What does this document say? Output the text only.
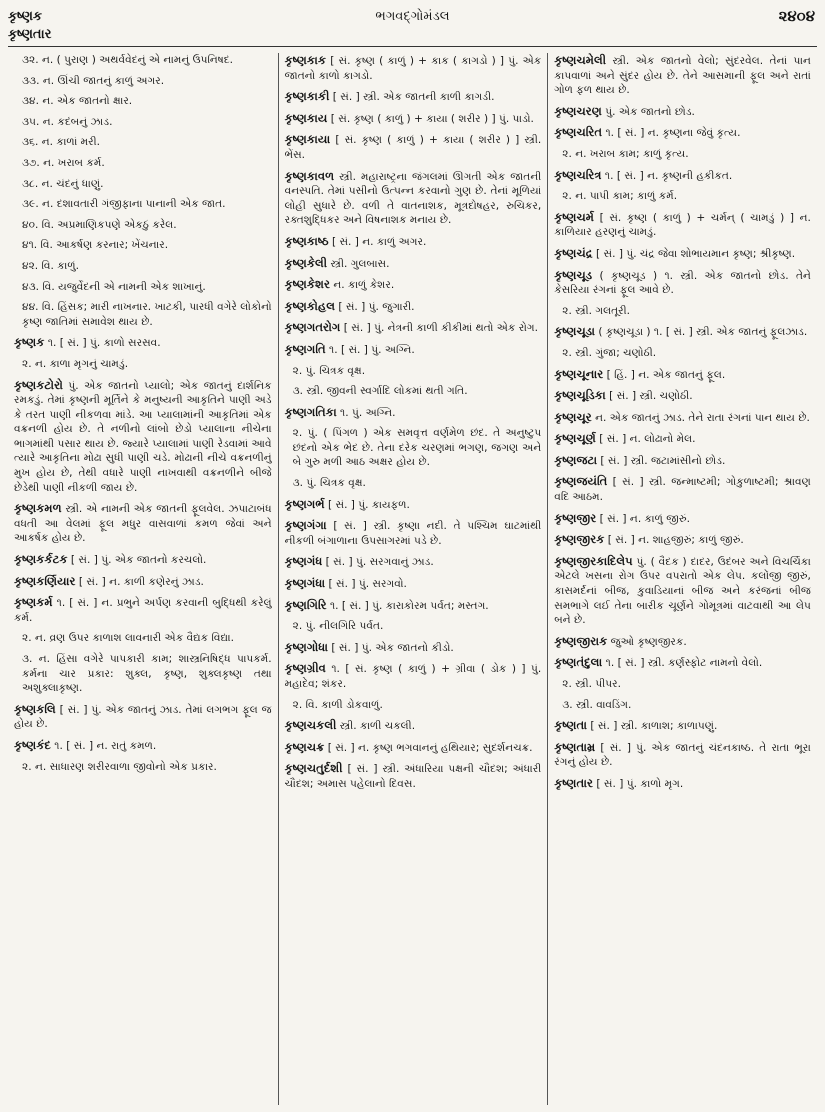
કૃષ્ણક
કૃષ્ણતાર
ભગવદ્ગોમંડલ	૨૪૦૪
૩૨. ન. ( પુરાણ ) અથર્વવેદનું એ નામનું ઉપનિષદ.
૩૩. ન. ઊંચી જાતનું કાળું અગર.
૩૪. ન. એક જાતનો ક્ષાર.
૩૫. ન. કદંબનું ઝાડ.
૩૬. ન. કાળાં મરી.
૩૭. ન. ખરાબ કર્મ.
૩૮. ન. ચંદનું ધાણું.
૩૯. ન. દશાવતારી ગંજીફાના પાનાની એક જાત.
૪૦. વિ. અપ્રમાણિકપણે એકઠું કરેલ.
૪૧. વિ. આકર્ષણ કરનાર; ખેંચનાર.
૪૨. વિ. કાળું.
૪૩. વિ. યજુર્વેદની એ નામની એક શાખાનું.
૪૪. વિ. હિંસક; મારી નાખનાર. ખાટકી, પારધી વગેરે લોકોનો કૃષ્ણ જાતિમાં સમાવેશ થાય છે.
કૃષ્ણક ૧. [ સં. ] પું. કાળો સરસવ.
૨. ન. કાળા મૃગનું ચામડું.
કૃષ્ણકટોરો પું. એક જાતનો પ્યાલો; એક જાતનું દાર્શનિક રમકડું. તેમાં કૃષ્ણની મૂર્તિને કે મનુષ્યની આકૃતિને પાણી અડે કે તરત પાણી નીકળવા માંડે. આ પ્યાલામાંની આકૃતિમાં એક વક્રનળી હોય છે. તે નળીનો લાંબો છેડો પ્યાલાના નીચેના ભાગમાંથી પસાર થાય છે. જ્યારે પ્યાલામાં પાણી રેડવામાં આવે ત્યારે આકૃતિના મોઢા સુધી પાણી ચડે. મોઢાની નીચે વક્રનળીનું મુખ હોય છે, તેથી વધારે પાણી નાખવાથી વક્રનળીને બીજે છેડેથી પાણી નીકળી જાય છે.
કૃષ્ણકમળ સ્ત્રી. એ નામની એક જાતની ફૂલવેલ. ઝપાટાબંધ વધતી આ વેલમાં ફૂલ મધુર વાસવાળાં કમળ જેવાં અને આકર્ષક હોય છે.
કૃષ્ણકર્કટક [ સં. ] પું. એક જાતનો કરચલો.
કૃષ્ણકર્ણિયાર [ સં. ] ન. કાળી કણેરનું ઝાડ.
કૃષ્ણકર્મ ૧. [ સં. ] ન. પ્રભુને અર્પણ કરવાની બુદ્ધિથી કરેલું કર્મ.
૨. ન. વ્રણ ઉપર કાળાશ લાવનારી એક વૈદ્યક વિદ્યા.
૩. ન. હિંસા વગેરે પાપકારી કામ; શાસ્ત્રનિષિદ્ધ પાપકર્મ. કર્મના ચાર પ્રકાર: શુક્લ, કૃષ્ણ, શુક્લકૃષ્ણ તથા અશુક્લાકૃષ્ણ.
કૃષ્ણકલિ [ સં. ] પું. એક જાતનું ઝાડ. તેમાં લગભગ ફૂલ જ હોય છે.
કૃષ્ણકંદ ૧. [ સં. ] ન. રાતું કમળ.
૨. ન. સાધારણ શરીરવાળા જીવોનો એક પ્રકાર.
કૃષ્ણકાક [ સં. કૃષ્ણ ( કાળું ) + કાક ( કાગડો ) ] પું. એક જાતનો કાળો કાગડો.
કૃષ્ણકાકી [ સં. ] સ્ત્રી. એક જાતની કાળી કાગડી.
કૃષ્ણકાય [ સં. કૃષ્ણ ( કાળું ) + કાયા ( શરીર ) ] પું. પાડો.
કૃષ્ણકાયા [ સં. કૃષ્ણ ( કાળું ) + કાયા ( શરીર ) ] સ્ત્રી. ભેંસ.
કૃષ્ણકાવળ સ્ત્રી. મહારાષ્ટ્રના જંગલમાં ઊગતી એક જાતની વનસ્પતિ. તેમાં પસીનો ઉત્પન્ન કરવાનો ગુણ છે. તેનાં મૂળિયાં લોહી સુધારે છે. વળી તે વાતનાશક, મૂત્રદોષહર, રુચિકર, રક્તશુદ્ધિકર અને વિષનાશક મનાય છે.
કૃષ્ણકાષ્ઠ [ સં. ] ન. કાળું અગર.
કૃષ્ણકેલી સ્ત્રી. ગુલબાસ.
કૃષ્ણકેશર ન. કાળું કેશર.
કૃષ્ણકોહલ [ સં. ] પું. જુગારી.
કૃષ્ણગતરોગ [ સં. ] પું. નેત્રની કાળી કીકીમાં થતો એક રોગ.
કૃષ્ણગતિ ૧. [ સં. ] પું. અગ્નિ.
૨. પું. ચિત્રક વૃક્ષ.
૩. સ્ત્રી. જીવની સ્વર્ગાદિ લોકમાં થતી ગતિ.
કૃષ્ણગતિકા ૧. પું. અગ્નિ.
૨. પું. ( પિંગળ ) એક સમવૃત્ત વર્ણમેળ છંદ. તે અનુષ્ટુપ છંદનો એક ભેદ છે. તેના દરેક ચરણમાં ભગણ, જગણ અને બે ગુરુ મળી આઠ અક્ષર હોય છે.
૩. પું. ચિત્રક વૃક્ષ.
કૃષ્ણગર્ભ [ સં. ] પું. કાયફળ.
કૃષ્ણગંગા [ સં. ] સ્ત્રી. કૃષ્ણા નદી. તે પશ્ચિમ ઘાટમાંથી નીકળી બંગાળાના ઉપસાગરમાં પડે છે.
કૃષ્ણગંધ [ સં. ] પું. સરગવાનું ઝાડ.
કૃષ્ણગંધા [ સં. ] પું. સરગવો.
કૃષ્ણગિરિ ૧. [ સં. ] પું. કારાકોરમ પર્વત; મસ્તગ.
૨. પું. નીલગિરિ પર્વત.
કૃષ્ણગોધા [ સં. ] પું. એક જાતનો કીડો.
કૃષ્ણગ્રીવ ૧. [ સં. કૃષ્ણ ( કાળું ) + ગ્રીવા ( ડોક ) ] પું. મહાદેવ; શંકર.
૨. વિ. કાળી ડોકવાળું.
કૃષ્ણચકલી સ્ત્રી. કાળી ચકલી.
કૃષ્ણચક્ર [ સં. ] ન. કૃષ્ણ ભગવાનનું હથિયાર; સુદર્શનચક્ર.
કૃષ્ણચતુર્દશી [ સં. ] સ્ત્રી. અંધારિયા પક્ષની ચૌદશ; અંધારી ચૌદશ; અમાસ પહેલાનો દિવસ.
કૃષ્ણચમેલી સ્ત્રી. એક જાતનો વેલો; સુંદરવેલ. તેનાં પાન કાપવાળાં અને સુંદર હોય છે. તેને આસમાની ફૂલ અને રાતાં ગોળ ફળ થાય છે.
કૃષ્ણચરણ પું. એક જાતનો છોડ.
કૃષ્ણચરિત ૧. [ સં. ] ન. કૃષ્ણના જેવું કૃત્ય.
૨. ન. ખરાબ કામ; કાળું કૃત્ય.
કૃષ્ણચરિત્ર ૧. [ સં. ] ન. કૃષ્ણની હકીકત.
૨. ન. પાપી કામ; કાળું કર્મ.
કૃષ્ણચર્મ [ સં. કૃષ્ણ ( કાળું ) + ચર્મન્ ( ચામડું ) ] ન. કાળિયાર હરણનું ચામડું.
કૃષ્ણચંદ્ર [ સં. ] પું. ચંદ્ર જેવા શોભાયમાન કૃષ્ણ; શ્રીકૃષ્ણ.
કૃષ્ણચૂડ ( કૃષ્ણચૂડ ) ૧. સ્ત્રી. એક જાતનો છોડ. તેને કેસરિયા રંગનાં ફૂલ આવે છે.
૨. સ્ત્રી. ગલતૂરી.
કૃષ્ણચૂડા ( કૃષ્ણચૂડા ) ૧. [ સં. ] સ્ત્રી. એક જાતનું ફૂલઝાડ.
૨. સ્ત્રી. ગુંજા; ચણોઠી.
કૃષ્ણચૂનાર [ હિં. ] ન. એક જાતનું ફૂલ.
કૃષ્ણચૂડિકા [ સં. ] સ્ત્રી. ચણોઠી.
કૃષ્ણચૂર ન. એક જાતનું ઝાડ. તેને રાતા રંગનાં પાન થાય છે.
કૃષ્ણચૂર્ણ [ સં. ] ન. લોઢાનો મેલ.
કૃષ્ણજટા [ સં. ] સ્ત્રી. જટામાંસીનો છોડ.
કૃષ્ણજયંતિ [ સં. ] સ્ત્રી. જન્માષ્ટમી; ગોકુળાષ્ટમી; શ્રાવણ વદિ આઠમ.
કૃષ્ણજીર [ સં. ] ન. કાળું જીરું.
કૃષ્ણજીરક [ સં. ] ન. શાહજીરું; કાળું જીરું.
કૃષ્ણજીરકાદિલેપ પું. ( વૈદક ) દાદર, ઉદંબર અને વિચર્ચિકા એટલે ખસના રોગ ઉપર વપરાતો એક લેપ. કલોંજી જીરું, કાસમર્દનાં બીજ, કુવાડિયાનાં બીજ અને કરંજનાં બીજ સમભાગે લઈ તેના બારીક ચૂર્ણને ગોમૂત્રમાં વાટવાથી આ લેપ બને છે.
કૃષ્ણજીરાક જુઓ કૃષ્ણજીરક.
કૃષ્ણતંદુલા ૧. [ સં. ] સ્ત્રી. કર્ણસ્ફોટ નામનો વેલો.
૨. સ્ત્રી. પીપર.
૩. સ્ત્રી. વાવડિંગ.
કૃષ્ણતા [ સં. ] સ્ત્રી. કાળાશ; કાળાપણું.
કૃષ્ણતામ્ર [ સં. ] પું. એક જાતનું ચંદનકાષ્ઠ. તે રાતા ભૂરા રંગનું હોય છે.
કૃષ્ણતાર [ સં. ] પું. કાળો મૃગ.
